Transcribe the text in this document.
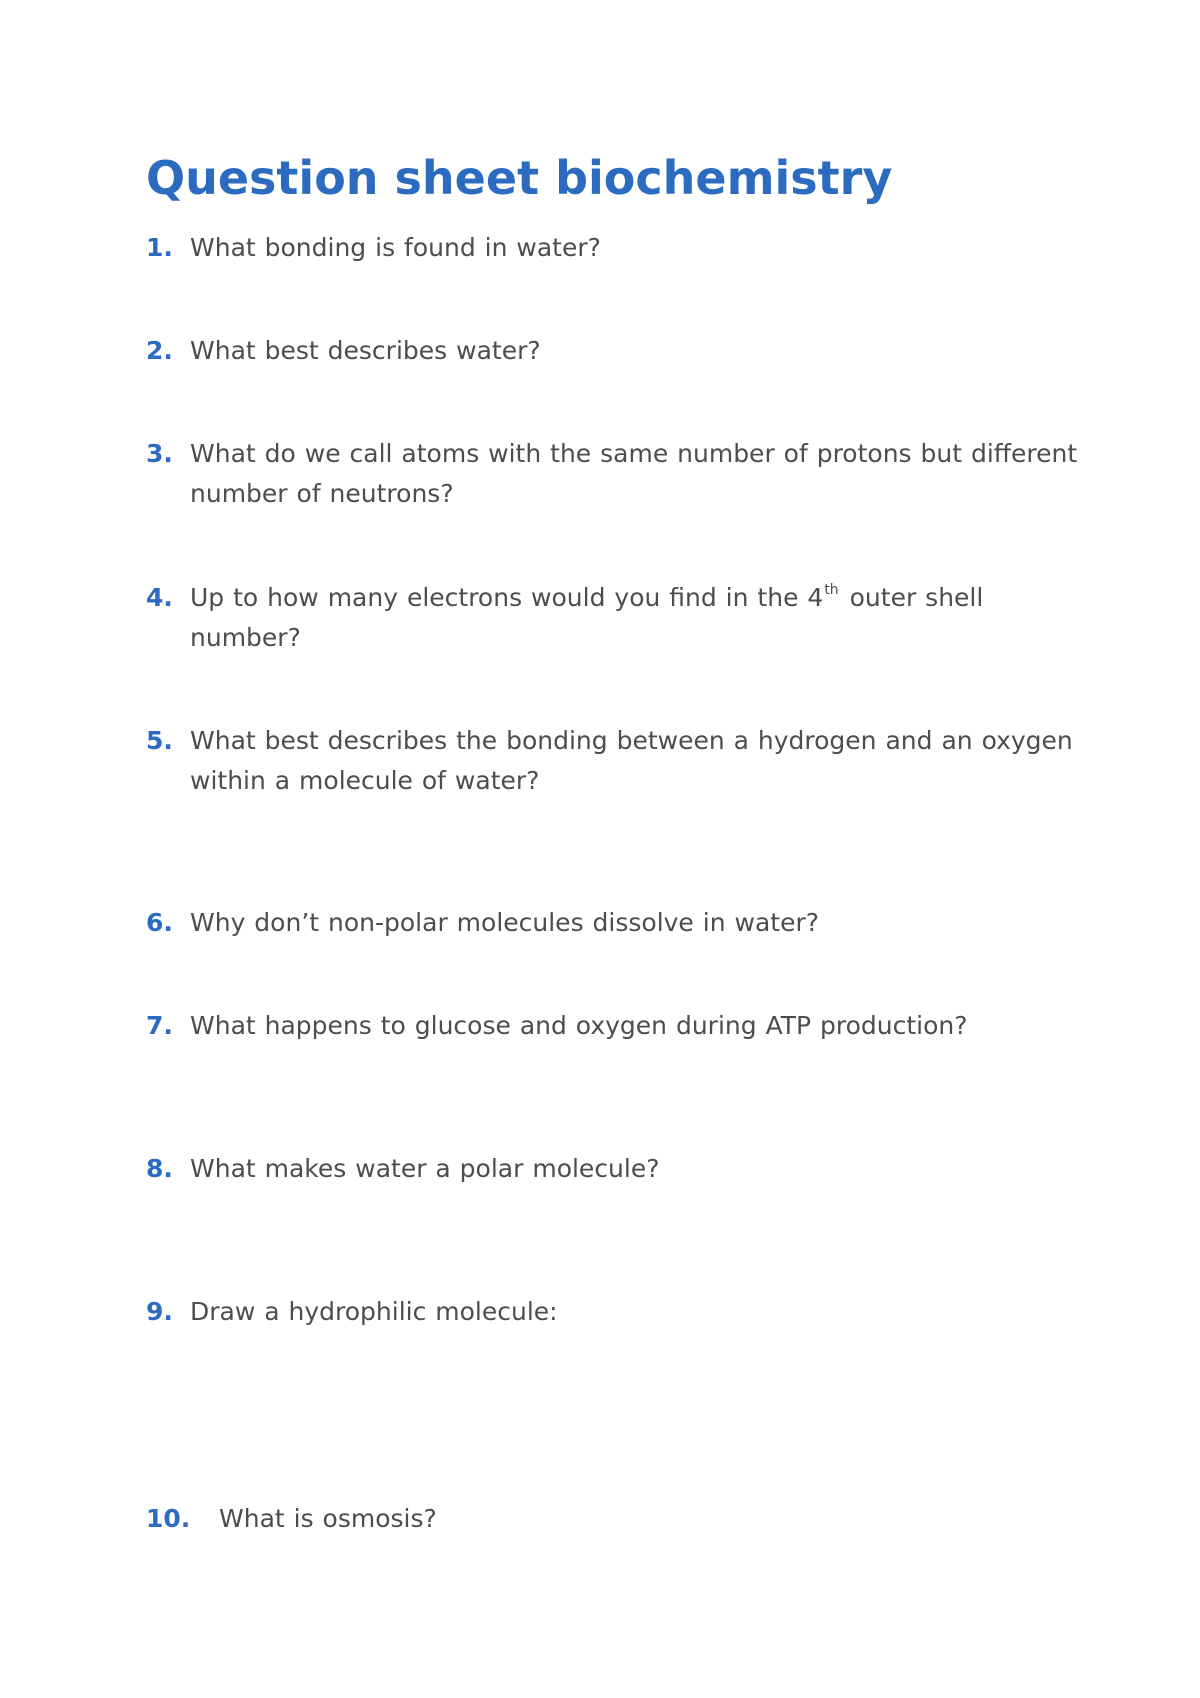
Question sheet biochemistry
1. What bonding is found in water?
2. What best describes water?
3. What do we call atoms with the same number of protons but different number of neutrons?
4. Up to how many electrons would you find in the 4th outer shell number?
5. What best describes the bonding between a hydrogen and an oxygen within a molecule of water?
6. Why don’t non-polar molecules dissolve in water?
7. What happens to glucose and oxygen during ATP production?
8. What makes water a polar molecule?
9. Draw a hydrophilic molecule:
10. What is osmosis?
